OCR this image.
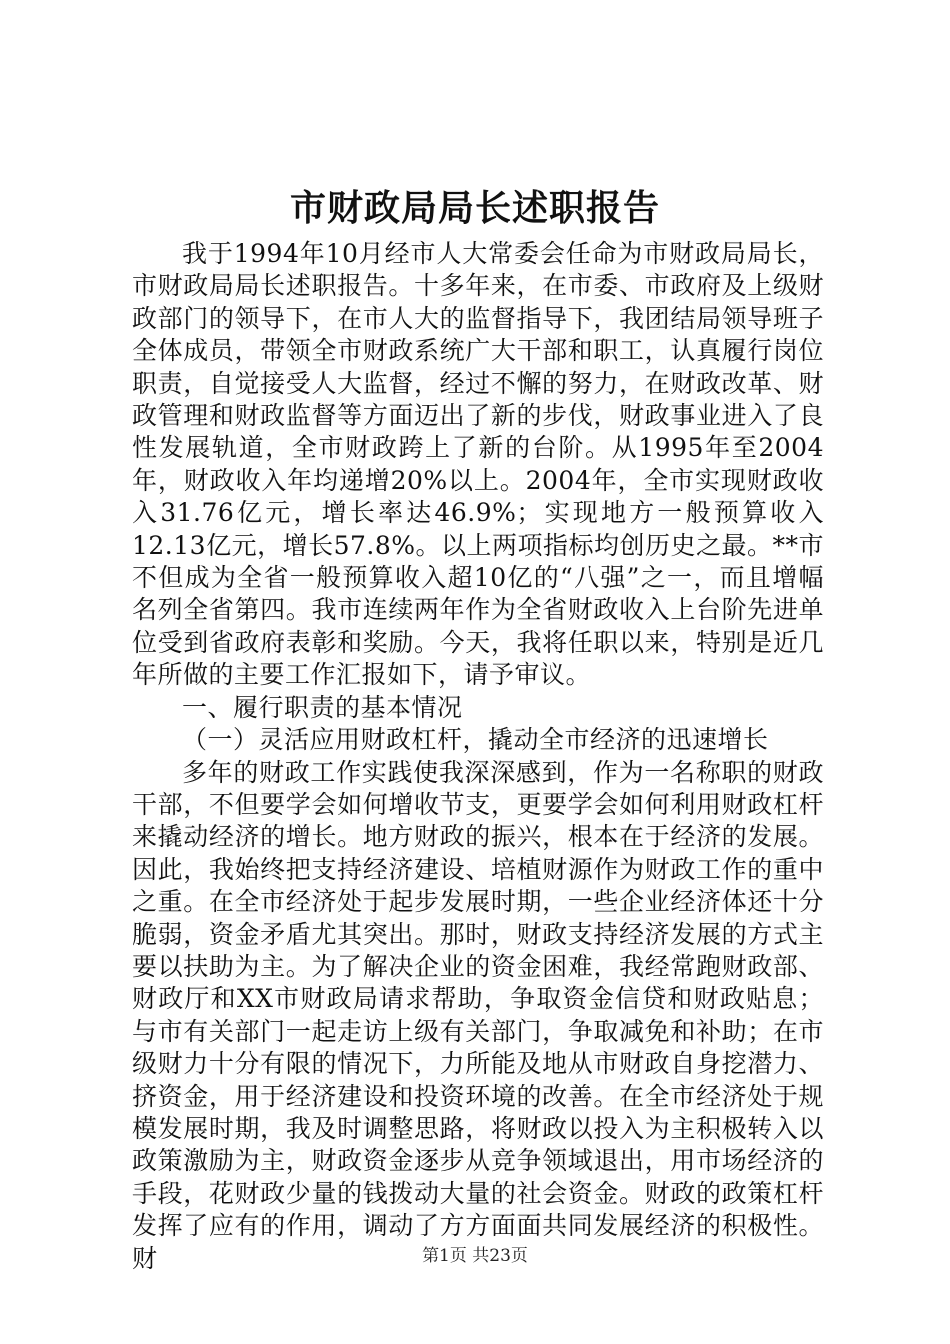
市财政局局长述职报告

我于1994年10月经市人大常委会任命为市财政局局长，市财政局局长述职报告。十多年来，在市委、市政府及上级财政部门的领导下，在市人大的监督指导下，我团结局领导班子全体成员，带领全市财政系统广大干部和职工，认真履行岗位职责，自觉接受人大监督，经过不懈的努力，在财政改革、财政管理和财政监督等方面迈出了新的步伐，财政事业进入了良性发展轨道，全市财政跨上了新的台阶。从1995年至2004年，财政收入年均递增20%以上。2004年，全市实现财政收入31.76亿元，增长率达46.9%；实现地方一般预算收入12.13亿元，增长57.8%。以上两项指标均创历史之最。**市不但成为全省一般预算收入超10亿的“八强”之一，而且增幅名列全省第四。我市连续两年作为全省财政收入上台阶先进单位受到省政府表彰和奖励。今天，我将任职以来，特别是近几年所做的主要工作汇报如下，请予审议。

一、履行职责的基本情况

（一）灵活应用财政杠杆，撬动全市经济的迅速增长

多年的财政工作实践使我深深感到，作为一名称职的财政干部，不但要学会如何增收节支，更要学会如何利用财政杠杆来撬动经济的增长。地方财政的振兴，根本在于经济的发展。因此，我始终把支持经济建设、培植财源作为财政工作的重中之重。在全市经济处于起步发展时期，一些企业经济体还十分脆弱，资金矛盾尤其突出。那时，财政支持经济发展的方式主要以扶助为主。为了解决企业的资金困难，我经常跑财政部、财政厅和XX市财政局请求帮助，争取资金信贷和财政贴息；与市有关部门一起走访上级有关部门，争取减免和补助；在市级财力十分有限的情况下，力所能及地从市财政自身挖潜力、挤资金，用于经济建设和投资环境的改善。在全市经济处于规模发展时期，我及时调整思路，将财政以投入为主积极转入以政策激励为主，财政资金逐步从竞争领域退出，用市场经济的手段，花财政少量的钱拨动大量的社会资金。财政的政策杠杆发挥了应有的作用，调动了方方面面共同发展经济的积极性。财	第1页 共23页
